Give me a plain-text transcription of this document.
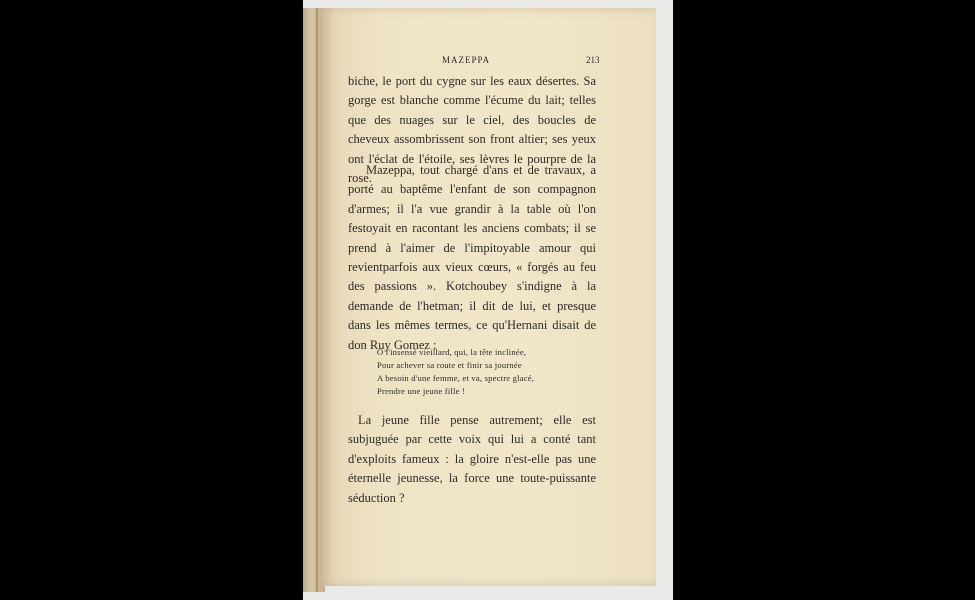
MAZEPPA	213

biche, le port du cygne sur les eaux désertes. Sa gorge est blanche comme l'écume du lait; telles que des nuages sur le ciel, des boucles de cheveux assombrissent son front altier; ses yeux ont l'éclat de l'étoile, ses lèvres le pourpre de la rose.

Mazeppa, tout chargé d'ans et de travaux, a porté au baptême l'enfant de son compagnon d'armes; il l'a vue grandir à la table où l'on festoyait en racontant les anciens combats; il se prend à l'aimer de l'impitoyable amour qui revientparfois aux vieux cœurs, « forgés au feu des passions ». Kotchoubey s'indigne à la demande de l'hetman; il dit de lui, et presque dans les mêmes termes, ce qu'Hernani disait de don Ruy Gomez :

O l'insensé vieillard, qui, la tête inclinée,
Pour achever sa route et finir sa journée
A besoin d'une femme, et va, spectre glacé,
Prendre une jeune fille !

La jeune fille pense autrement; elle est subjuguée par cette voix qui lui a conté tant d'exploits fameux : la gloire n'est-elle pas une éternelle jeunesse, la force une toute-puissante séduction ?
